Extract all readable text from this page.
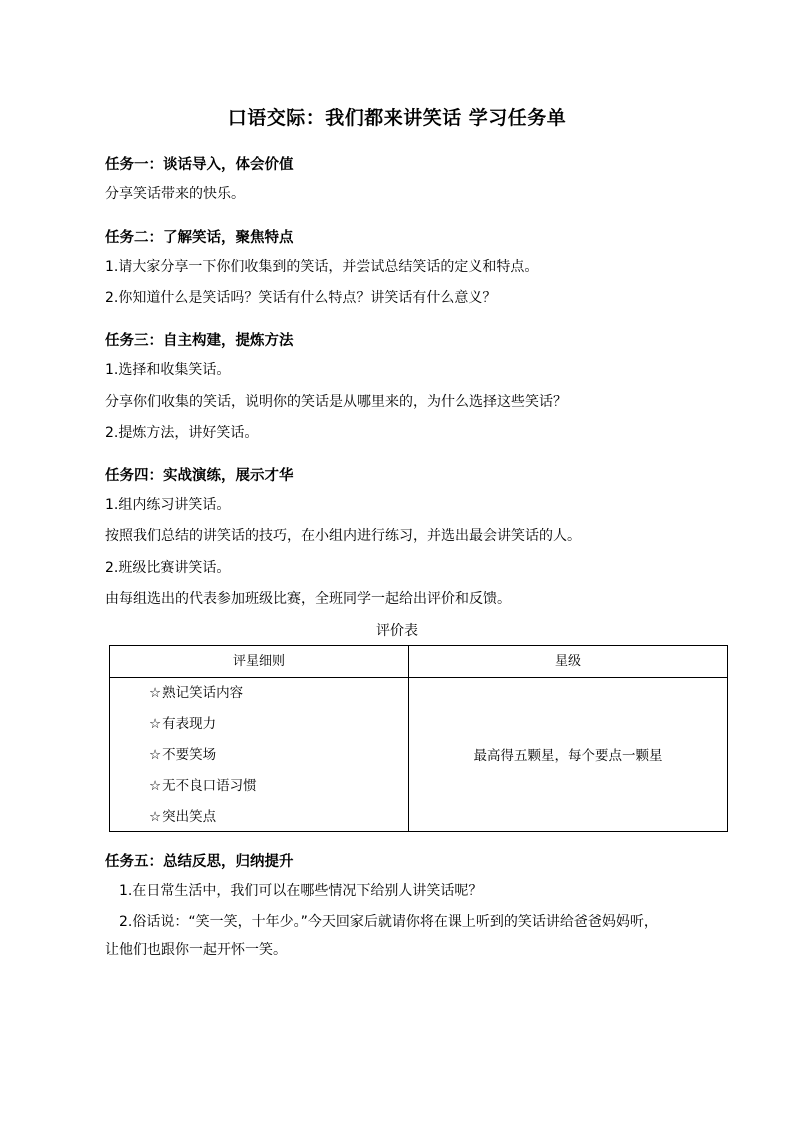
口语交际：我们都来讲笑话 学习任务单
任务一：谈话导入，体会价值
分享笑话带来的快乐。
任务二：了解笑话，聚焦特点
1.请大家分享一下你们收集到的笑话，并尝试总结笑话的定义和特点。
2.你知道什么是笑话吗？笑话有什么特点？讲笑话有什么意义？
任务三：自主构建，提炼方法
1.选择和收集笑话。
分享你们收集的笑话，说明你的笑话是从哪里来的，为什么选择这些笑话？
2.提炼方法，讲好笑话。
任务四：实战演练，展示才华
1.组内练习讲笑话。
按照我们总结的讲笑话的技巧，在小组内进行练习，并选出最会讲笑话的人。
2.班级比赛讲笑话。
由每组选出的代表参加班级比赛，全班同学一起给出评价和反馈。
评价表
评星细则	星级
☆熟记笑话内容
☆有表现力
☆不要笑场
☆无不良口语习惯
☆突出笑点
最高得五颗星，每个要点一颗星
任务五：总结反思，归纳提升
1.在日常生活中，我们可以在哪些情况下给别人讲笑话呢？
2.俗话说：“笑一笑，十年少。”今天回家后就请你将在课上听到的笑话讲给爸爸妈妈听，
让他们也跟你一起开怀一笑。
